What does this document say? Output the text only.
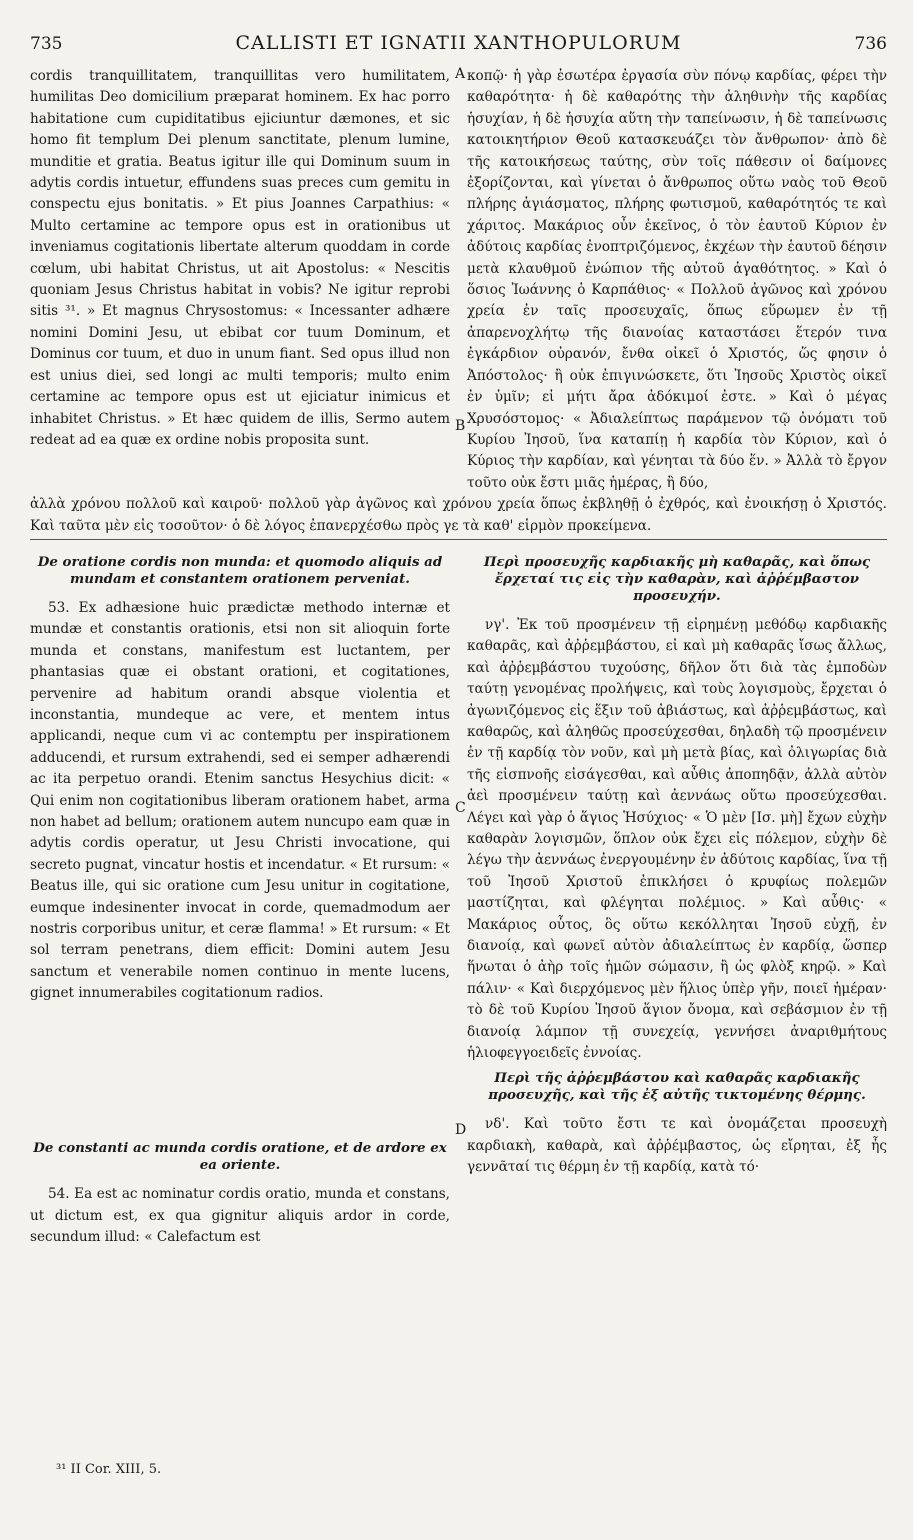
735	CALLISTI ET IGNATII XANTHOPULORUM	736
A
B
C
D

cordis tranquillitatem, tranquillitas vero humilitatem, humilitas Deo domicilium præparat hominem. Ex hac porro habitatione cum cupiditatibus ejiciuntur dæmones, et sic homo fit templum Dei plenum sanctitate, plenum lumine, munditie et gratia. Beatus igitur ille qui Dominum suum in adytis cordis intuetur, effundens suas preces cum gemitu in conspectu ejus bonitatis. » Et pius Joannes Carpathius: « Multo certamine ac tempore opus est in orationibus ut inveniamus cogitationis libertate alterum quoddam in corde cœlum, ubi habitat Christus, ut ait Apostolus: « Nescitis quoniam Jesus Christus habitat in vobis? Ne igitur reprobi sitis ³¹. » Et magnus Chrysostomus: « Incessanter adhære nomini Domini Jesu, ut ebibat cor tuum Dominum, et Dominus cor tuum, et duo in unum fiant. Sed opus illud non est unius diei, sed longi ac multi temporis; multo enim certamine ac tempore opus est ut ejiciatur inimicus et inhabitet Christus. » Et hæc quidem de illis, Sermo autem redeat ad ea quæ ex ordine nobis proposita sunt.

κοπῷ· ἡ γὰρ ἐσωτέρα ἐργασία σὺν πόνῳ καρδίας, φέρει τὴν καθαρότητα· ἡ δὲ καθαρότης τὴν ἀληθινὴν τῆς καρδίας ἡσυχίαν, ἡ δὲ ἡσυχία αὕτη τὴν ταπείνωσιν, ἡ δὲ ταπείνωσις κατοικητήριον Θεοῦ κατασκευάζει τὸν ἄνθρωπον· ἀπὸ δὲ τῆς κατοικήσεως ταύτης, σὺν τοῖς πάθεσιν οἱ δαίμονες ἐξορίζονται, καὶ γίνεται ὁ ἄνθρωπος οὕτω ναὸς τοῦ Θεοῦ πλήρης ἁγιάσματος, πλήρης φωτισμοῦ, καθαρότητός τε καὶ χάριτος. Μακάριος οὖν ἐκεῖνος, ὁ τὸν ἑαυτοῦ Κύριον ἐν ἀδύτοις καρδίας ἐνοπτριζόμενος, ἐκχέων τὴν ἑαυτοῦ δέησιν μετὰ κλαυθμοῦ ἐνώπιον τῆς αὐτοῦ ἀγαθότητος. » Καὶ ὁ ὅσιος Ἰωάννης ὁ Καρπάθιος· « Πολλοῦ ἀγῶνος καὶ χρόνου χρεία ἐν ταῖς προσευχαῖς, ὅπως εὕρωμεν ἐν τῇ ἀπαρενοχλήτῳ τῆς διανοίας καταστάσει ἕτερόν τινα ἐγκάρδιον οὐρανόν, ἔνθα οἰκεῖ ὁ Χριστός, ὥς φησιν ὁ Ἀπόστολος· ἢ οὐκ ἐπιγινώσκετε, ὅτι Ἰησοῦς Χριστὸς οἰκεῖ ἐν ὑμῖν; εἰ μήτι ἄρα ἀδόκιμοί ἐστε. » Καὶ ὁ μέγας Χρυσόστομος· « Ἀδιαλείπτως παράμενον τῷ ὀνόματι τοῦ Κυρίου Ἰησοῦ, ἵνα καταπίῃ ἡ καρδία τὸν Κύριον, καὶ ὁ Κύριος τὴν καρδίαν, καὶ γένηται τὰ δύο ἕν. » Ἀλλὰ τὸ ἔργον τοῦτο οὐκ ἔστι μιᾶς ἡμέρας, ἢ δύο,

ἀλλὰ χρόνου πολλοῦ καὶ καιροῦ· πολλοῦ γὰρ ἀγῶνος καὶ χρόνου χρεία ὅπως ἐκβληθῇ ὁ ἐχθρός, καὶ ἐνοικήσῃ ὁ Χριστός. Καὶ ταῦτα μὲν εἰς τοσοῦτον· ὁ δὲ λόγος ἐπανερχέσθω πρὸς γε τὰ καθ' εἱρμὸν προκείμενα.

De oratione cordis non munda: et quomodo aliquis ad mundam et constantem orationem perveniat.

53. Ex adhæsione huic prædictæ methodo internæ et mundæ et constantis orationis, etsi non sit alioquin forte munda et constans, manifestum est luctantem, per phantasias quæ ei obstant orationi, et cogitationes, pervenire ad habitum orandi absque violentia et inconstantia, mundeque ac vere, et mentem intus applicandi, neque cum vi ac contemptu per inspirationem adducendi, et rursum extrahendi, sed ei semper adhærendi ac ita perpetuo orandi. Etenim sanctus Hesychius dicit: « Qui enim non cogitationibus liberam orationem habet, arma non habet ad bellum; orationem autem nuncupo eam quæ in adytis cordis operatur, ut Jesu Christi invocatione, qui secreto pugnat, vincatur hostis et incendatur. « Et rursum: « Beatus ille, qui sic oratione cum Jesu unitur in cogitatione, eumque indesinenter invocat in corde, quemadmodum aer nostris corporibus unitur, et ceræ flamma! » Et rursum: « Et sol terram penetrans, diem efficit: Domini autem Jesu sanctum et venerabile nomen continuo in mente lucens, gignet innumerabiles cogitationum radios.

Περὶ προσευχῆς καρδιακῆς μὴ καθαρᾶς, καὶ ὅπως ἔρχεταί τις εἰς τὴν καθαρὰν, καὶ ἀῤῥέμβαστον προσευχήν.

νγ'. Ἐκ τοῦ προσμένειν τῇ εἰρημένῃ μεθόδῳ καρδιακῆς καθαρᾶς, καὶ ἀῤῥεμβάστου, εἰ καὶ μὴ καθαρᾶς ἴσως ἄλλως, καὶ ἀῤῥεμβάστου τυχούσης, δῆλον ὅτι διὰ τὰς ἐμποδὼν ταύτῃ γενομένας προλήψεις, καὶ τοὺς λογισμοὺς, ἔρχεται ὁ ἀγωνιζόμενος εἰς ἕξιν τοῦ ἀβιάστως, καὶ ἀῤῥεμβάστως, καὶ καθαρῶς, καὶ ἀληθῶς προσεύχεσθαι, δηλαδὴ τῷ προσμένειν ἐν τῇ καρδίᾳ τὸν νοῦν, καὶ μὴ μετὰ βίας, καὶ ὀλιγωρίας διὰ τῆς εἰσπνοῆς εἰσάγεσθαι, καὶ αὖθις ἀποπηδᾷν, ἀλλὰ αὐτὸν ἀεὶ προσμένειν ταύτῃ καὶ ἀεννάως οὕτω προσεύχεσθαι. Λέγει καὶ γὰρ ὁ ἅγιος Ἡσύχιος· « Ὁ μὲν [Ισ. μὴ] ἔχων εὐχὴν καθαρὰν λογισμῶν, ὅπλον οὐκ ἔχει εἰς πόλεμον, εὐχὴν δὲ λέγω τὴν ἀεννάως ἐνεργουμένην ἐν ἀδύτοις καρδίας, ἵνα τῇ τοῦ Ἰησοῦ Χριστοῦ ἐπικλήσει ὁ κρυφίως πολεμῶν μαστίζηται, καὶ φλέγηται πολέμιος. » Καὶ αὖθις· « Μακάριος οὗτος, ὃς οὕτω κεκόλληται Ἰησοῦ εὐχῇ, ἐν διανοίᾳ, καὶ φωνεῖ αὐτὸν ἀδιαλείπτως ἐν καρδίᾳ, ὥσπερ ἥνωται ὁ ἀὴρ τοῖς ἡμῶν σώμασιν, ἢ ὡς φλὸξ κηρῷ. » Καὶ πάλιν· « Καὶ διερχόμενος μὲν ἥλιος ὑπὲρ γῆν, ποιεῖ ἡμέραν· τὸ δὲ τοῦ Κυρίου Ἰησοῦ ἅγιον ὄνομα, καὶ σεβάσμιον ἐν τῇ διανοίᾳ λάμπον τῇ συνεχείᾳ, γεννήσει ἀναριθμήτους ἡλιοφεγγοειδεῖς ἐννοίας.

De constanti ac munda cordis oratione, et de ardore ex ea oriente.

54. Ea est ac nominatur cordis oratio, munda et constans, ut dictum est, ex qua gignitur aliquis ardor in corde, secundum illud: « Calefactum est

Περὶ τῆς ἀῤῥεμβάστου καὶ καθαρᾶς καρδιακῆς προσευχῆς, καὶ τῆς ἐξ αὐτῆς τικτομένης θέρμης.

νδ'. Καὶ τοῦτο ἔστι τε καὶ ὀνομάζεται προσευχὴ καρδιακὴ, καθαρὰ, καὶ ἀῤῥέμβαστος, ὡς εἴρηται, ἐξ ἧς γεννᾶταί τις θέρμη ἐν τῇ καρδίᾳ, κατὰ τό·

³¹ II Cor. XIII, 5.
